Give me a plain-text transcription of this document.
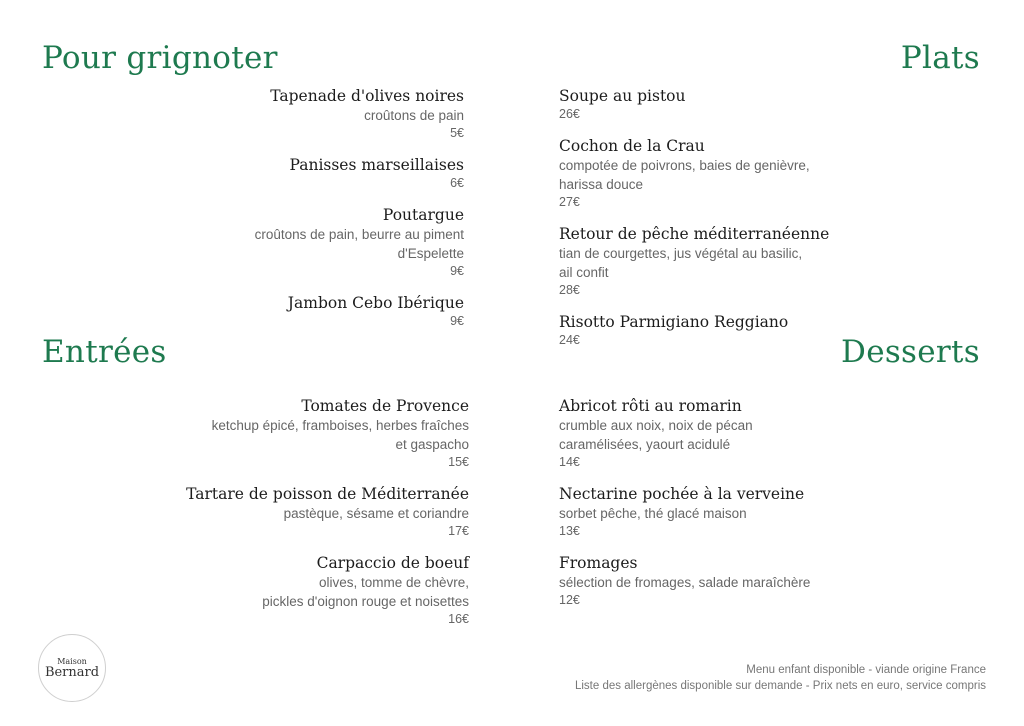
Pour grignoter	Plats
Entrées	Desserts
Tapenade d'olives noires
croûtons de pain
5€
Panisses marseillaises
6€
Poutargue
croûtons de pain, beurre au piment
d'Espelette
9€
Jambon Cebo Ibérique
9€
Soupe au pistou
26€
Cochon de la Crau
compotée de poivrons, baies de genièvre,
harissa douce
27€
Retour de pêche méditerranéenne
tian de courgettes, jus végétal au basilic,
ail confit
28€
Risotto Parmigiano Reggiano
24€
Tomates de Provence
ketchup épicé, framboises, herbes fraîches
et gaspacho
15€
Tartare de poisson de Méditerranée
pastèque, sésame et coriandre
17€
Carpaccio de boeuf
olives, tomme de chèvre,
pickles d'oignon rouge et noisettes
16€
Abricot rôti au romarin
crumble aux noix, noix de pécan
caramélisées, yaourt acidulé
14€
Nectarine pochée à la verveine
sorbet pêche, thé glacé maison
13€
Fromages
sélection de fromages, salade maraîchère
12€
Maison
Bernard	Menu enfant disponible - viande origine France
Liste des allergènes disponible sur demande - Prix nets en euro, service compris
